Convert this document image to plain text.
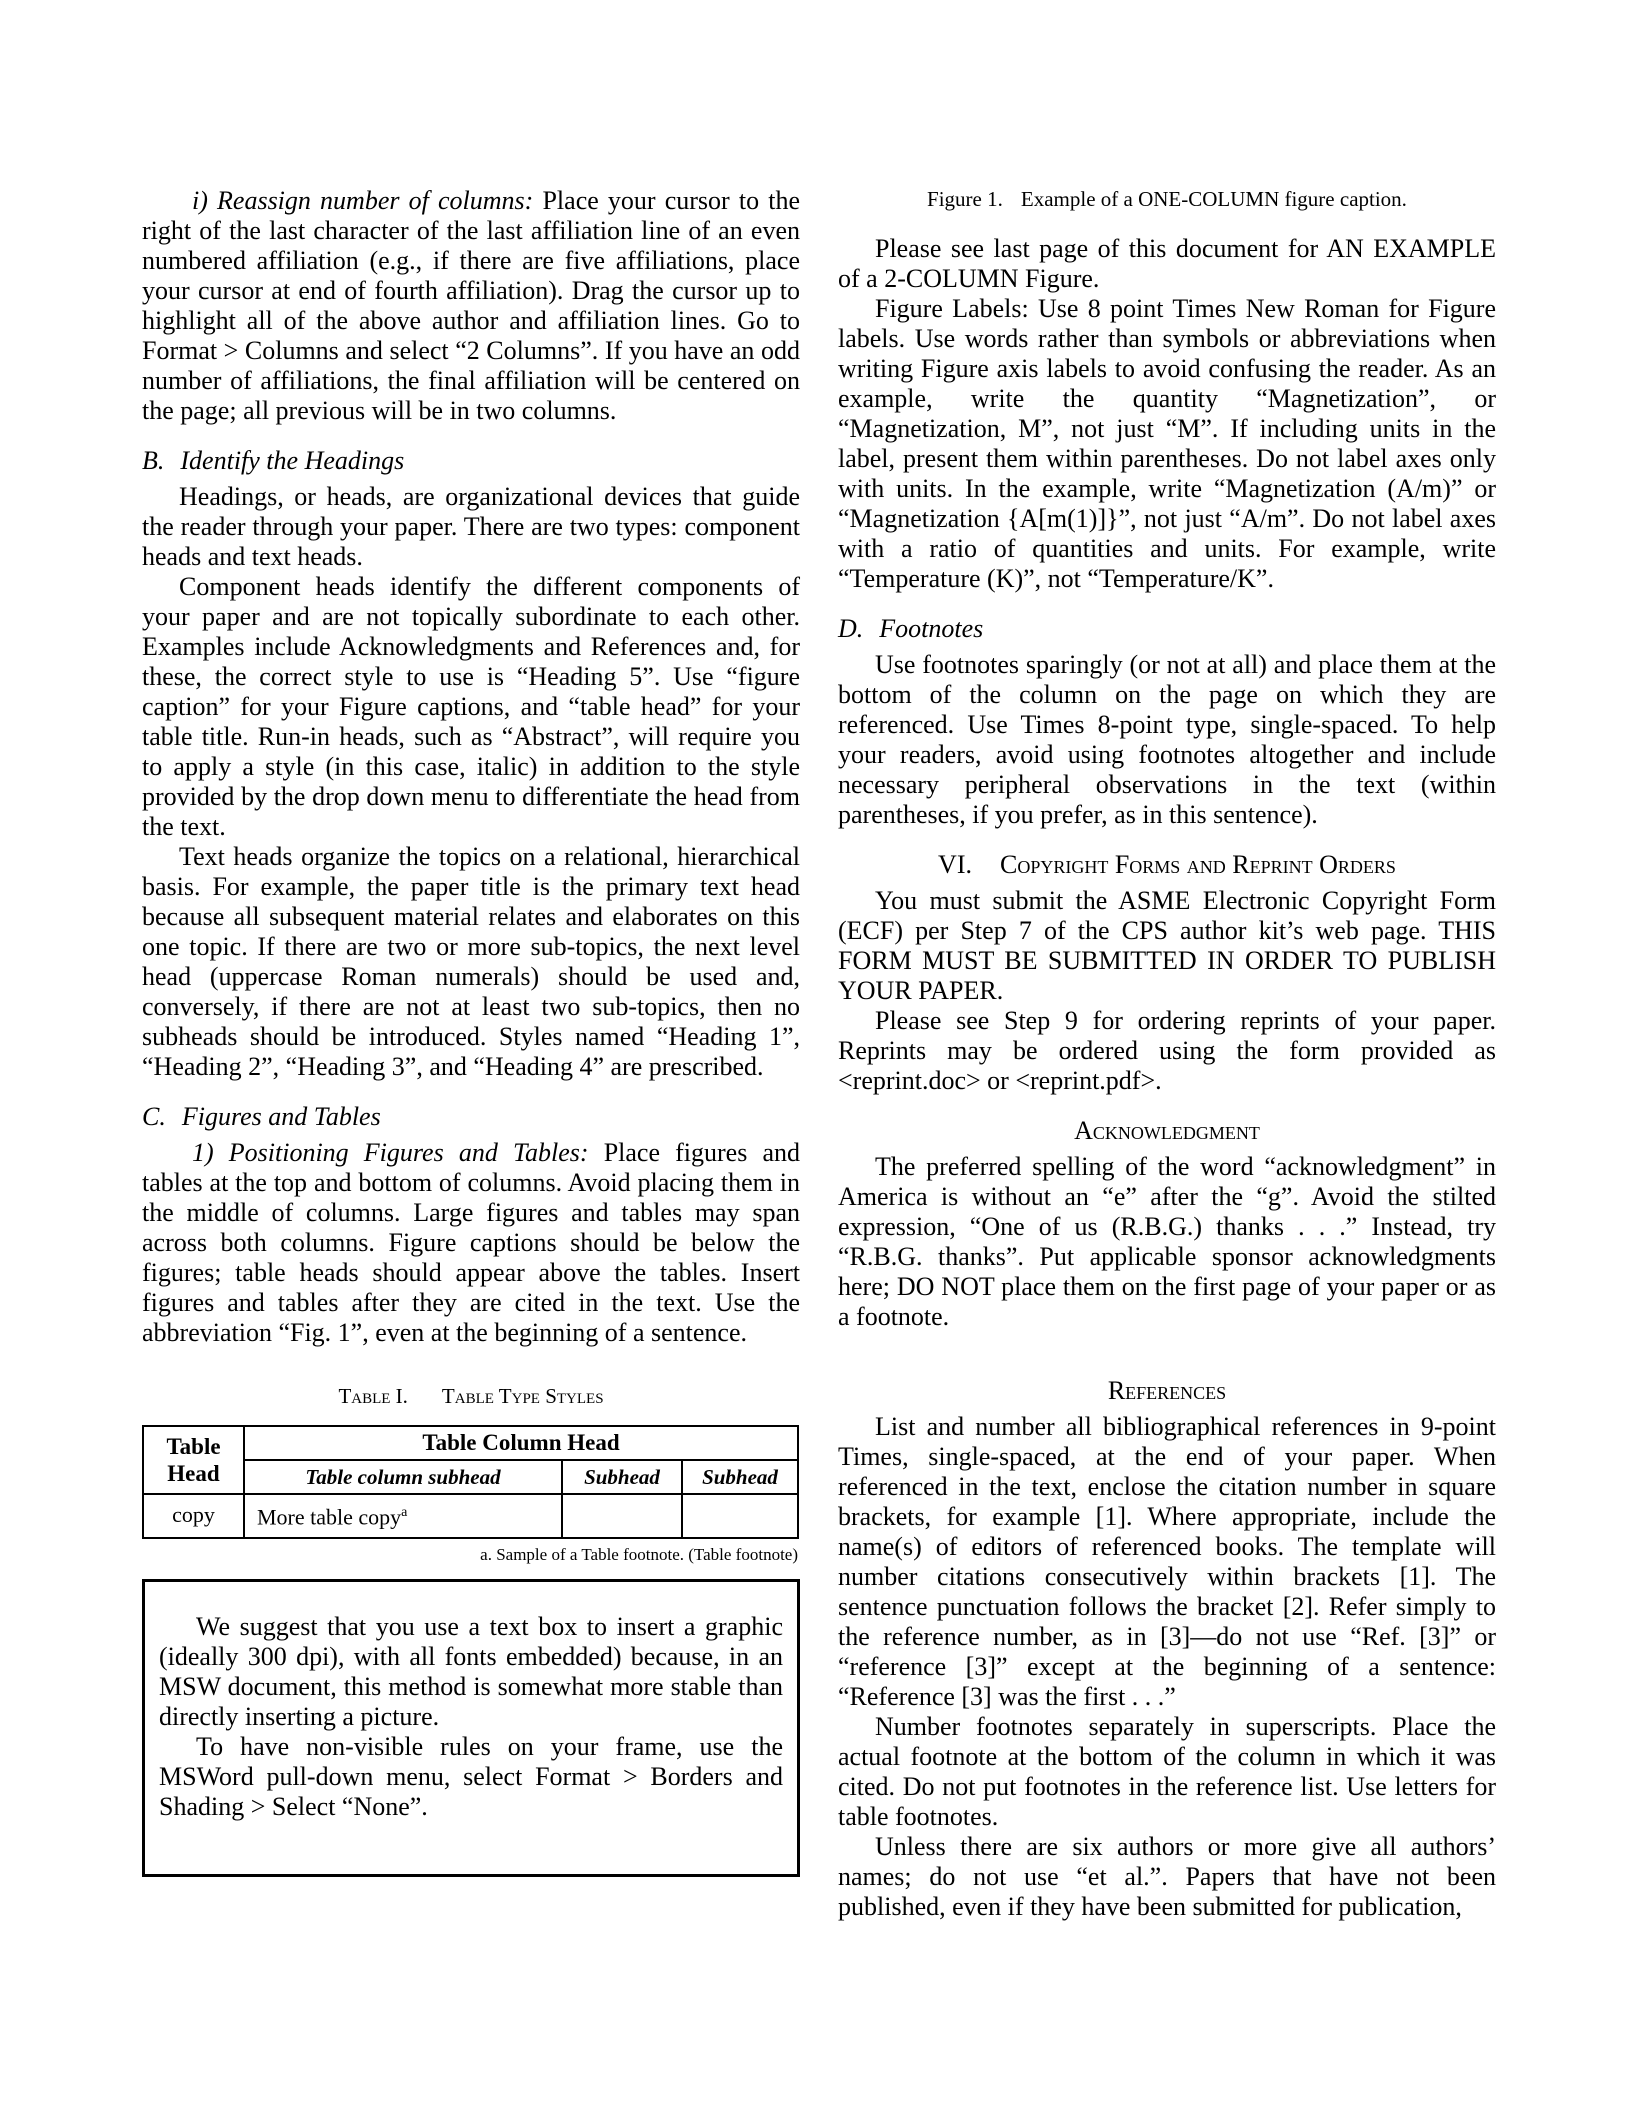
i) Reassign number of columns: Place your cursor to the right of the last character of the last affiliation line of an even numbered affiliation (e.g., if there are five affiliations, place your cursor at end of fourth affiliation). Drag the cursor up to highlight all of the above author and affiliation lines. Go to Format > Columns and select “2 Columns”. If you have an odd number of affiliations, the final affiliation will be centered on the page; all previous will be in two columns.

B. Identify the Headings

Headings, or heads, are organizational devices that guide the reader through your paper. There are two types: component heads and text heads.

Component heads identify the different components of your paper and are not topically subordinate to each other. Examples include Acknowledgments and References and, for these, the correct style to use is “Heading 5”. Use “figure caption” for your Figure captions, and “table head” for your table title. Run-in heads, such as “Abstract”, will require you to apply a style (in this case, italic) in addition to the style provided by the drop down menu to differentiate the head from the text.

Text heads organize the topics on a relational, hierarchical basis. For example, the paper title is the primary text head because all subsequent material relates and elaborates on this one topic. If there are two or more sub-topics, the next level head (uppercase Roman numerals) should be used and, conversely, if there are not at least two sub-topics, then no subheads should be introduced. Styles named “Heading 1”, “Heading 2”, “Heading 3”, and “Heading 4” are prescribed.

C. Figures and Tables

1) Positioning Figures and Tables: Place figures and tables at the top and bottom of columns. Avoid placing them in the middle of columns. Large figures and tables may span across both columns. Figure captions should be below the figures; table heads should appear above the tables. Insert figures and tables after they are cited in the text. Use the abbreviation “Fig. 1”, even at the beginning of a sentence.

Table I. Table Type Styles
Table Head	Table Column Head		
	Table column subhead	Subhead	Subhead
copy	More table copy$^a$		
a. Sample of a Table footnote. (Table footnote)

We suggest that you use a text box to insert a graphic (ideally 300 dpi), with all fonts embedded) because, in an MSW document, this method is somewhat more stable than directly inserting a picture.

To have non-visible rules on your frame, use the MSWord pull-down menu, select Format > Borders and Shading > Select “None”.

Figure 1. Example of a ONE-COLUMN figure caption.

Please see last page of this document for AN EXAMPLE of a 2-COLUMN Figure.

Figure Labels: Use 8 point Times New Roman for Figure labels. Use words rather than symbols or abbreviations when writing Figure axis labels to avoid confusing the reader. As an example, write the quantity “Magnetization”, or “Magnetization, M”, not just “M”. If including units in the label, present them within parentheses. Do not label axes only with units. In the example, write “Magnetization (A/m)” or “Magnetization {A[m(1)]}”, not just “A/m”. Do not label axes with a ratio of quantities and units. For example, write “Temperature (K)”, not “Temperature/K”.

D. Footnotes

Use footnotes sparingly (or not at all) and place them at the bottom of the column on the page on which they are referenced. Use Times 8-point type, single-spaced. To help your readers, avoid using footnotes altogether and include necessary peripheral observations in the text (within parentheses, if you prefer, as in this sentence).

VI. Copyright Forms and Reprint Orders

You must submit the ASME Electronic Copyright Form (ECF) per Step 7 of the CPS author kit’s web page. THIS FORM MUST BE SUBMITTED IN ORDER TO PUBLISH YOUR PAPER.

Please see Step 9 for ordering reprints of your paper. Reprints may be ordered using the form provided as <reprint.doc> or <reprint.pdf>.

Acknowledgment

The preferred spelling of the word “acknowledgment” in America is without an “e” after the “g”. Avoid the stilted expression, “One of us (R.B.G.) thanks . . .” Instead, try “R.B.G. thanks”. Put applicable sponsor acknowledgments here; DO NOT place them on the first page of your paper or as a footnote.

References

List and number all bibliographical references in 9-point Times, single-spaced, at the end of your paper. When referenced in the text, enclose the citation number in square brackets, for example [1]. Where appropriate, include the name(s) of editors of referenced books. The template will number citations consecutively within brackets [1]. The sentence punctuation follows the bracket [2]. Refer simply to the reference number, as in [3]—do not use “Ref. [3]” or “reference [3]” except at the beginning of a sentence: “Reference [3] was the first . . .”

Number footnotes separately in superscripts. Place the actual footnote at the bottom of the column in which it was cited. Do not put footnotes in the reference list. Use letters for table footnotes.

Unless there are six authors or more give all authors’ names; do not use “et al.”. Papers that have not been published, even if they have been submitted for publication,
